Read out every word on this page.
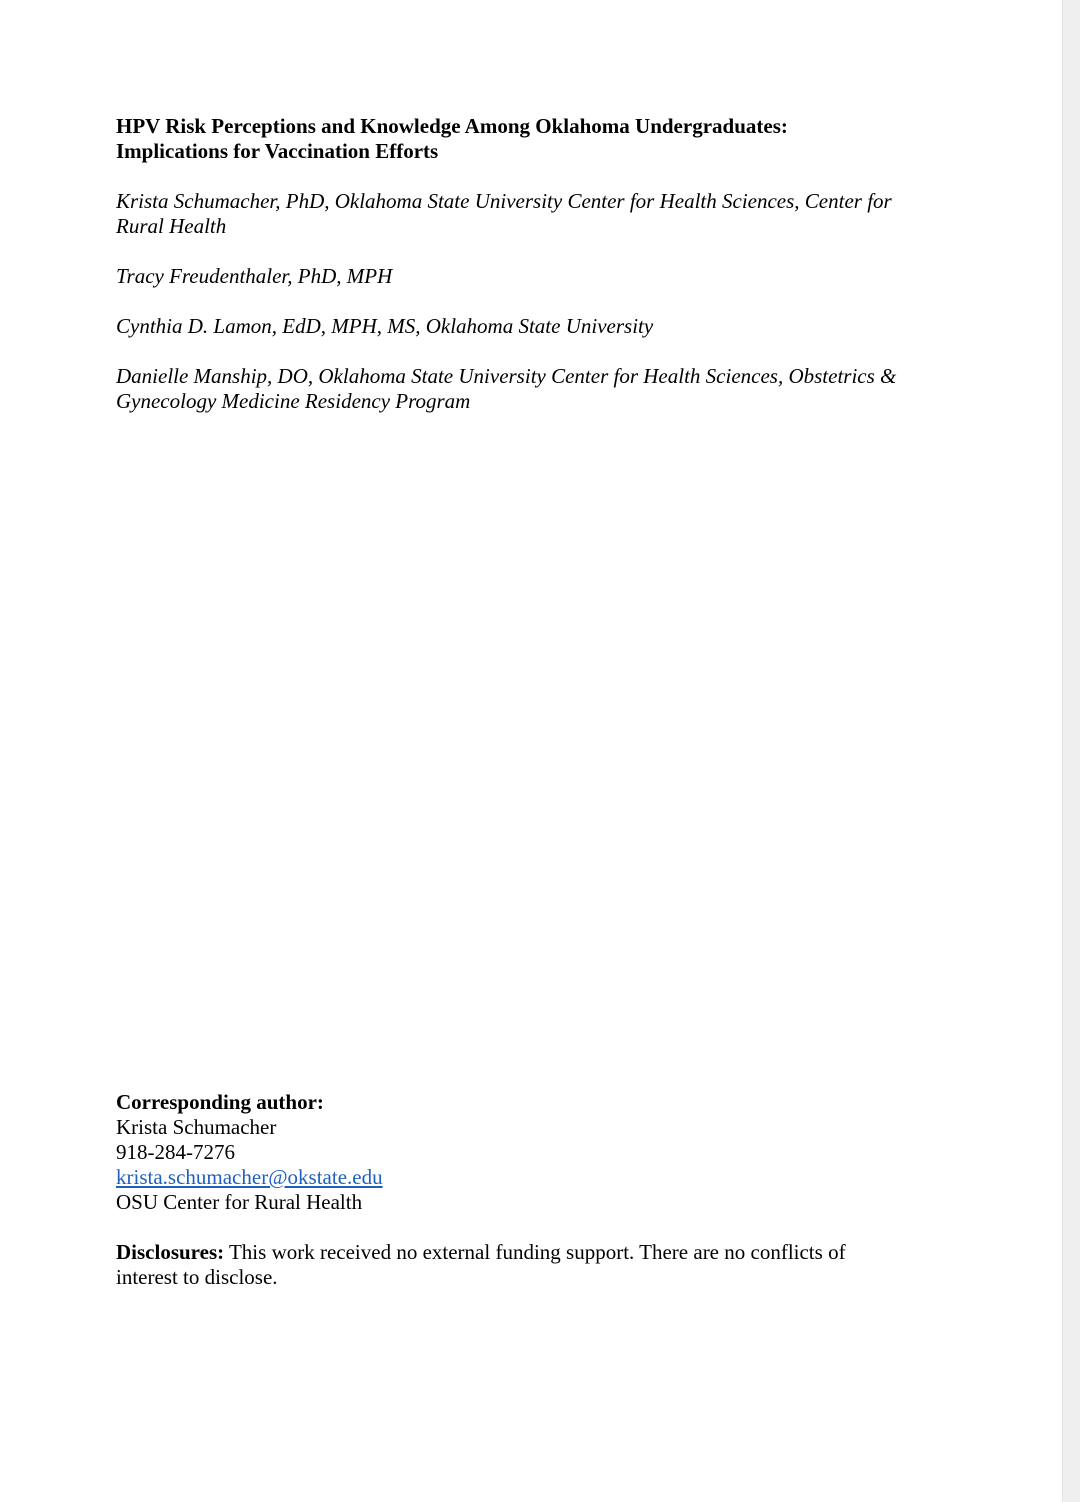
HPV Risk Perceptions and Knowledge Among Oklahoma Undergraduates:
Implications for Vaccination Efforts
Krista Schumacher, PhD, Oklahoma State University Center for Health Sciences, Center for
Rural Health
Tracy Freudenthaler, PhD, MPH
Cynthia D. Lamon, EdD, MPH, MS, Oklahoma State University
Danielle Manship, DO, Oklahoma State University Center for Health Sciences, Obstetrics &
Gynecology Medicine Residency Program
Corresponding author:
Krista Schumacher
918-284-7276
krista.schumacher@okstate.edu
OSU Center for Rural Health
Disclosures: This work received no external funding support. There are no conflicts of
interest to disclose.
